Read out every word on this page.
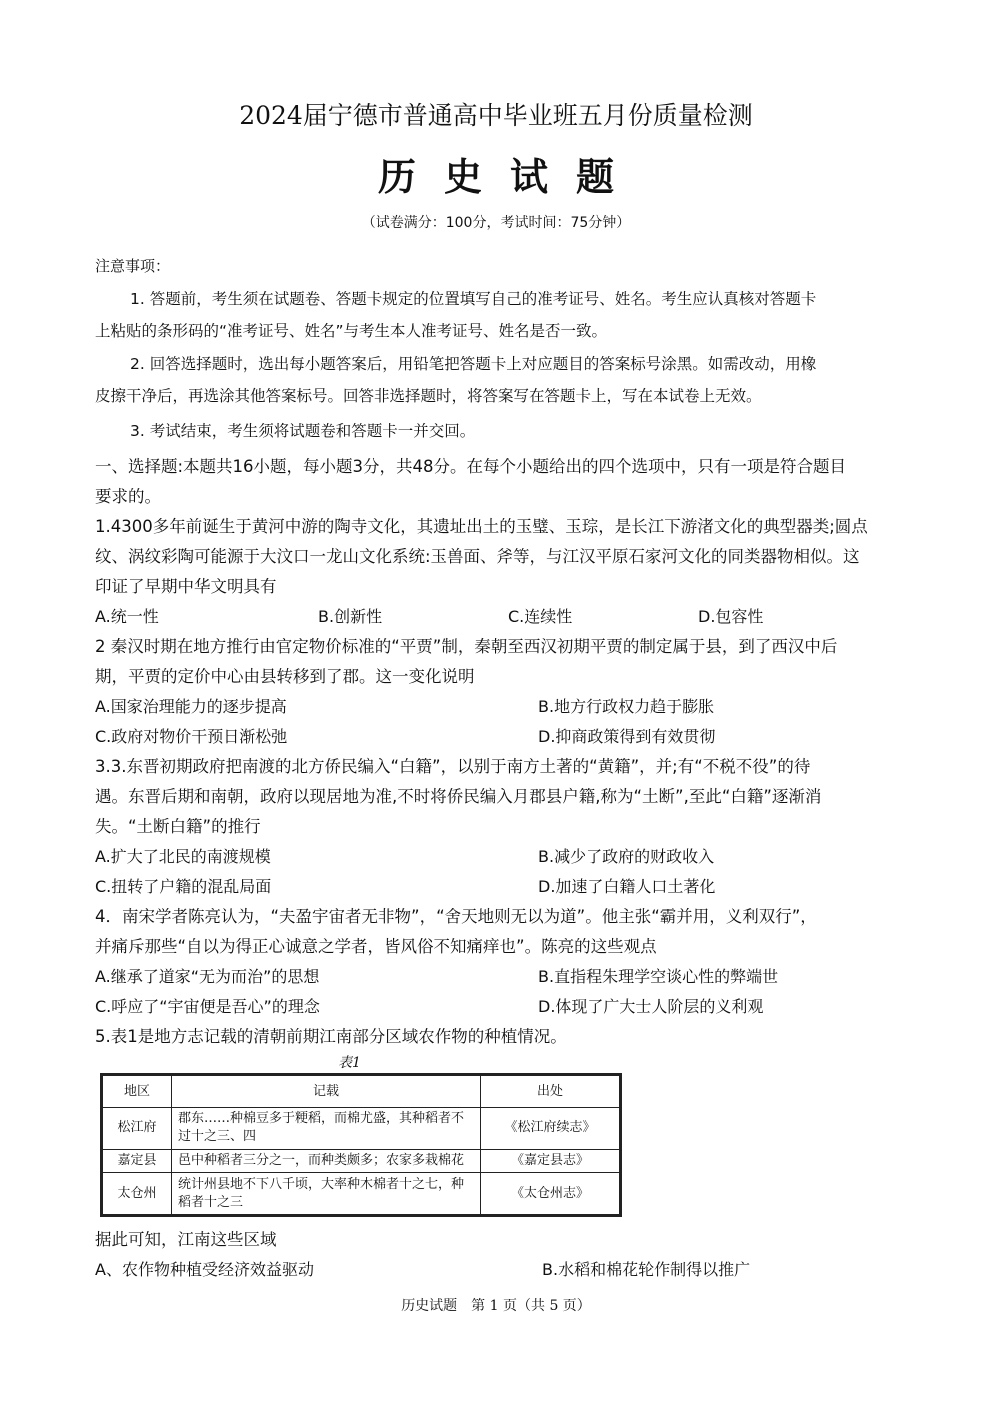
2024届宁德市普通高中毕业班五月份质量检测
历史试题
（试卷满分：100分，考试时间：75分钟）
注意事项：
1. 答题前，考生须在试题卷、答题卡规定的位置填写自己的准考证号、姓名。考生应认真核对答题卡
上粘贴的条形码的“准考证号、姓名”与考生本人准考证号、姓名是否一致。
2. 回答选择题时，选出每小题答案后，用铅笔把答题卡上对应题目的答案标号涂黑。如需改动，用橡
皮擦干净后，再选涂其他答案标号。回答非选择题时，将答案写在答题卡上，写在本试卷上无效。
3. 考试结束，考生须将试题卷和答题卡一并交回。
一、选择题:本题共16小题，每小题3分，共48分。在每个小题给出的四个选项中，只有一项是符合题目
要求的。
1.4300多年前诞生于黄河中游的陶寺文化，其遗址出土的玉璧、玉琮，是长江下游渚文化的典型器类;圆点
纹、涡纹彩陶可能源于大汶口一龙山文化系统:玉兽面、斧等，与江汉平原石家河文化的同类器物相似。这
印证了早期中华文明具有
A.统一性	B.创新性	C.连续性	D.包容性
2 秦汉时期在地方推行由官定物价标准的“平贾”制，秦朝至西汉初期平贾的制定属于县，到了西汉中后
期，平贾的定价中心由县转移到了郡。这一变化说明
A.国家治理能力的逐步提高	B.地方行政权力趋于膨胀
C.政府对物价干预日渐松弛	D.抑商政策得到有效贯彻
3.3.东晋初期政府把南渡的北方侨民编入“白籍”，以别于南方土著的“黄籍”，并;有“不税不役”的待
遇。东晋后期和南朝，政府以现居地为准,不时将侨民编入月郡县户籍,称为“土断”,至此“白籍”逐渐消
失。“土断白籍”的推行
A.扩大了北民的南渡规模	B.减少了政府的财政收入
C.扭转了户籍的混乱局面	D.加速了白籍人口土著化
4．南宋学者陈亮认为，“夫盈宇宙者无非物”，“舍天地则无以为道”。他主张“霸并用，义利双行”，
并痛斥那些“自以为得正心诚意之学者，皆风俗不知痛痒也”。陈亮的这些观点
A.继承了道家“无为而治”的思想	B.直指程朱理学空谈心性的弊端世
C.呼应了“宇宙便是吾心”的理念	D.体现了广大士人阶层的义利观
5.表1是地方志记载的清朝前期江南部分区域农作物的种植情况。
表1
地区	记载	出处
松江府	郡东……种棉豆多于粳稻，而棉尤盛，其种稻者不过十之三、四	《松江府续志》
嘉定县	邑中种稻者三分之一，而种类颇多；农家多栽棉花	《嘉定县志》
太仓州	统计州县地不下八千顷，大率种木棉者十之七，种稻者十之三	《太仓州志》
据此可知，江南这些区域
A、农作物种植受经济效益驱动	B.水稻和棉花轮作制得以推广
历史试题　第 1 页（共 5 页）
